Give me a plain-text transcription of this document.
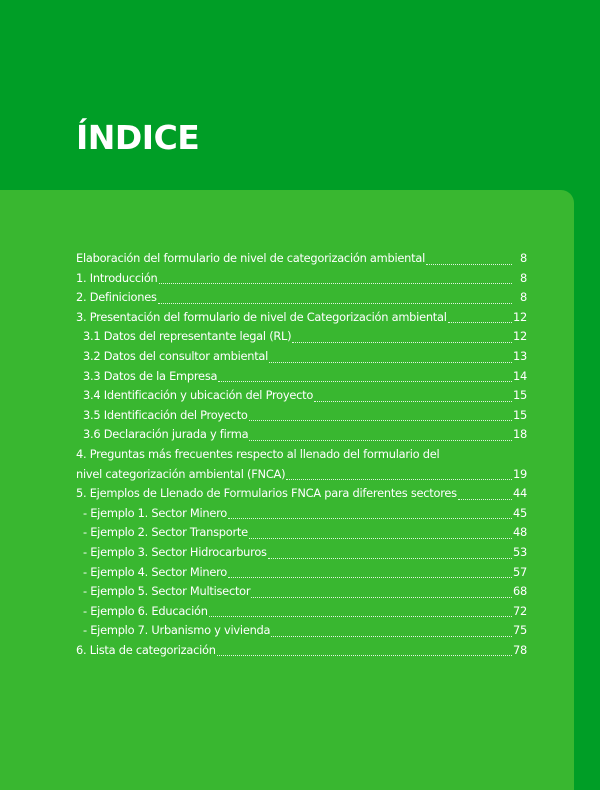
ÍNDICE
Elaboración del formulario de nivel de categorización ambiental	8
1. Introducción	8
2. Definiciones	8
3. Presentación del formulario de nivel de Categorización ambiental	12
3.1 Datos del representante legal (RL)	12
3.2 Datos del consultor ambiental	13
3.3 Datos de la Empresa	14
3.4 Identificación y ubicación del Proyecto	15
3.5 Identificación del Proyecto	15
3.6 Declaración jurada y firma	18
4. Preguntas más frecuentes respecto al llenado del formulario del
nivel categorización ambiental (FNCA)	19
5. Ejemplos de Llenado de Formularios FNCA para diferentes sectores	44
- Ejemplo 1. Sector Minero	45
- Ejemplo 2. Sector Transporte	48
- Ejemplo 3. Sector Hidrocarburos	53
- Ejemplo 4. Sector Minero	57
- Ejemplo 5. Sector Multisector	68
- Ejemplo 6. Educación	72
- Ejemplo 7. Urbanismo y vivienda	75
6. Lista de categorización	78
